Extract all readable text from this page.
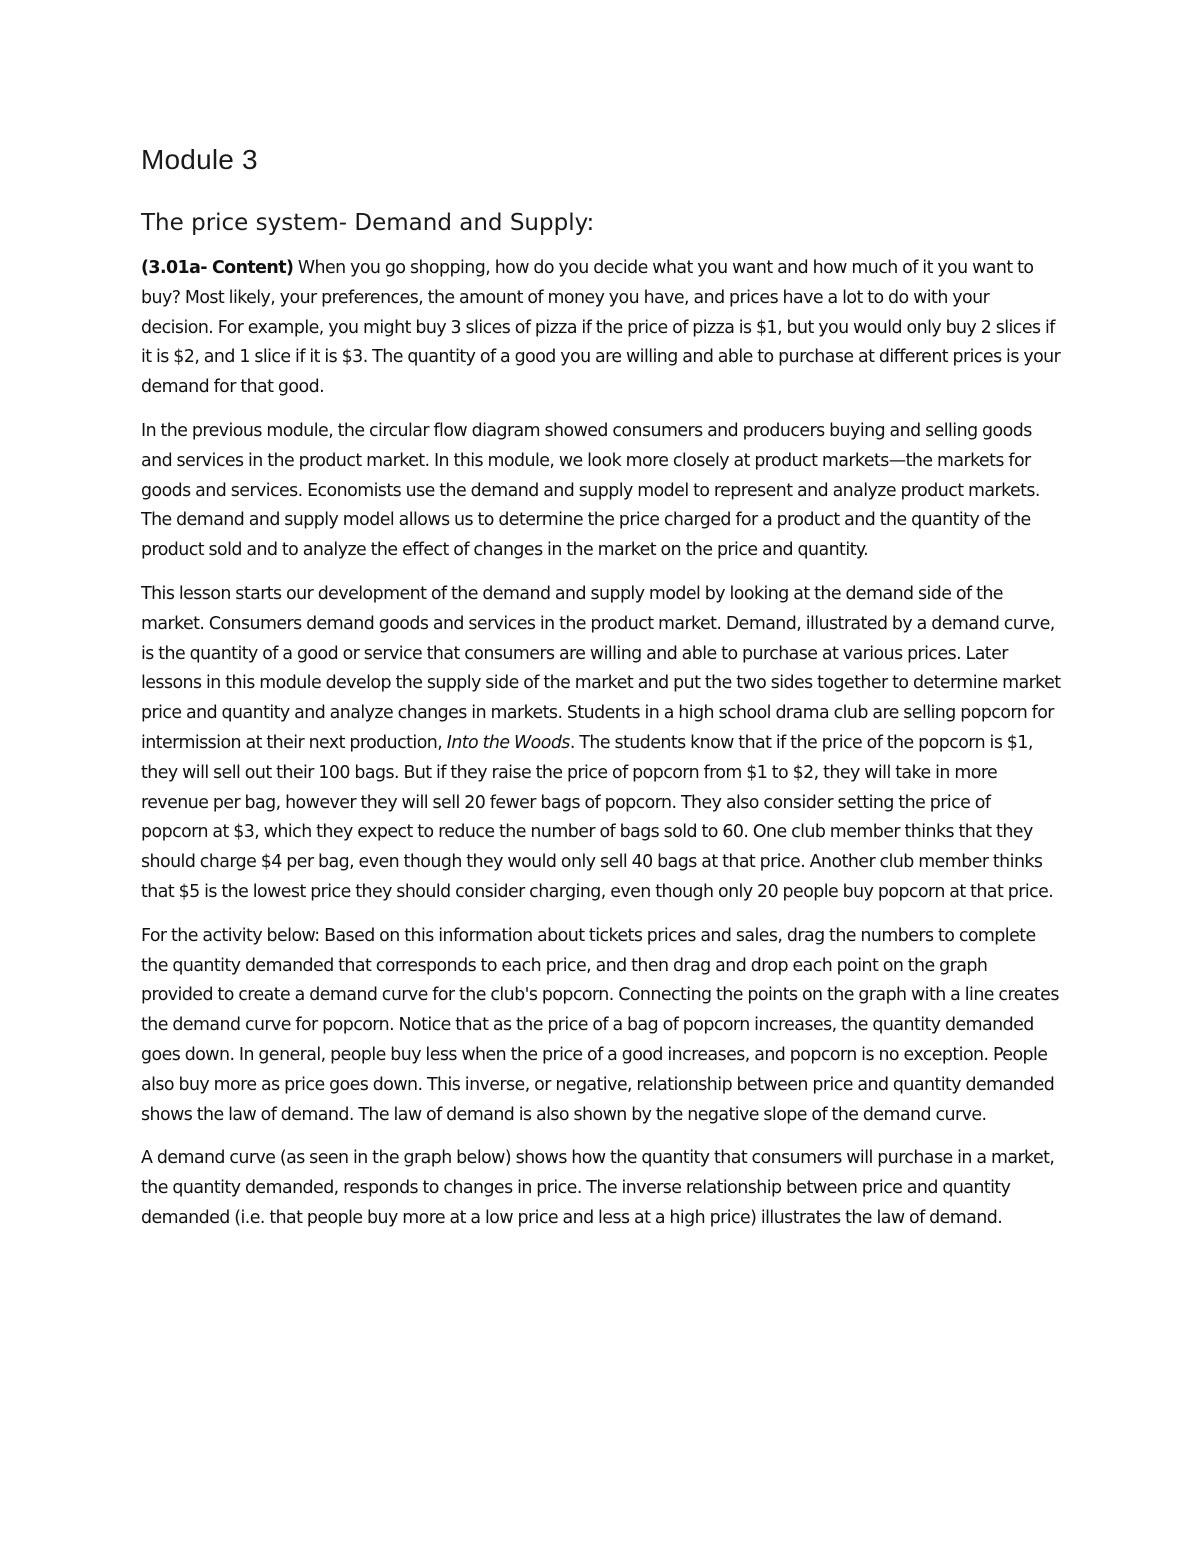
Module 3
The price system- Demand and Supply:

(3.01a- Content) When you go shopping, how do you decide what you want and how much of it you want to buy? Most likely, your preferences, the amount of money you have, and prices have a lot to do with your decision. For example, you might buy 3 slices of pizza if the price of pizza is $1, but you would only buy 2 slices if it is $2, and 1 slice if it is $3. The quantity of a good you are willing and able to purchase at different prices is your demand for that good.

In the previous module, the circular flow diagram showed consumers and producers buying and selling goods and services in the product market. In this module, we look more closely at product markets—the markets for goods and services. Economists use the demand and supply model to represent and analyze product markets. The demand and supply model allows us to determine the price charged for a product and the quantity of the product sold and to analyze the effect of changes in the market on the price and quantity.

This lesson starts our development of the demand and supply model by looking at the demand side of the market. Consumers demand goods and services in the product market. Demand, illustrated by a demand curve, is the quantity of a good or service that consumers are willing and able to purchase at various prices. Later lessons in this module develop the supply side of the market and put the two sides together to determine market price and quantity and analyze changes in markets. Students in a high school drama club are selling popcorn for intermission at their next production, Into the Woods. The students know that if the price of the popcorn is $1, they will sell out their 100 bags. But if they raise the price of popcorn from $1 to $2, they will take in more revenue per bag, however they will sell 20 fewer bags of popcorn. They also consider setting the price of popcorn at $3, which they expect to reduce the number of bags sold to 60. One club member thinks that they should charge $4 per bag, even though they would only sell 40 bags at that price. Another club member thinks that $5 is the lowest price they should consider charging, even though only 20 people buy popcorn at that price.

For the activity below: Based on this information about tickets prices and sales, drag the numbers to complete the quantity demanded that corresponds to each price, and then drag and drop each point on the graph provided to create a demand curve for the club's popcorn. Connecting the points on the graph with a line creates the demand curve for popcorn. Notice that as the price of a bag of popcorn increases, the quantity demanded goes down. In general, people buy less when the price of a good increases, and popcorn is no exception. People also buy more as price goes down. This inverse, or negative, relationship between price and quantity demanded shows the law of demand. The law of demand is also shown by the negative slope of the demand curve.

A demand curve (as seen in the graph below) shows how the quantity that consumers will purchase in a market, the quantity demanded, responds to changes in price. The inverse relationship between price and quantity demanded (i.e. that people buy more at a low price and less at a high price) illustrates the law of demand.
